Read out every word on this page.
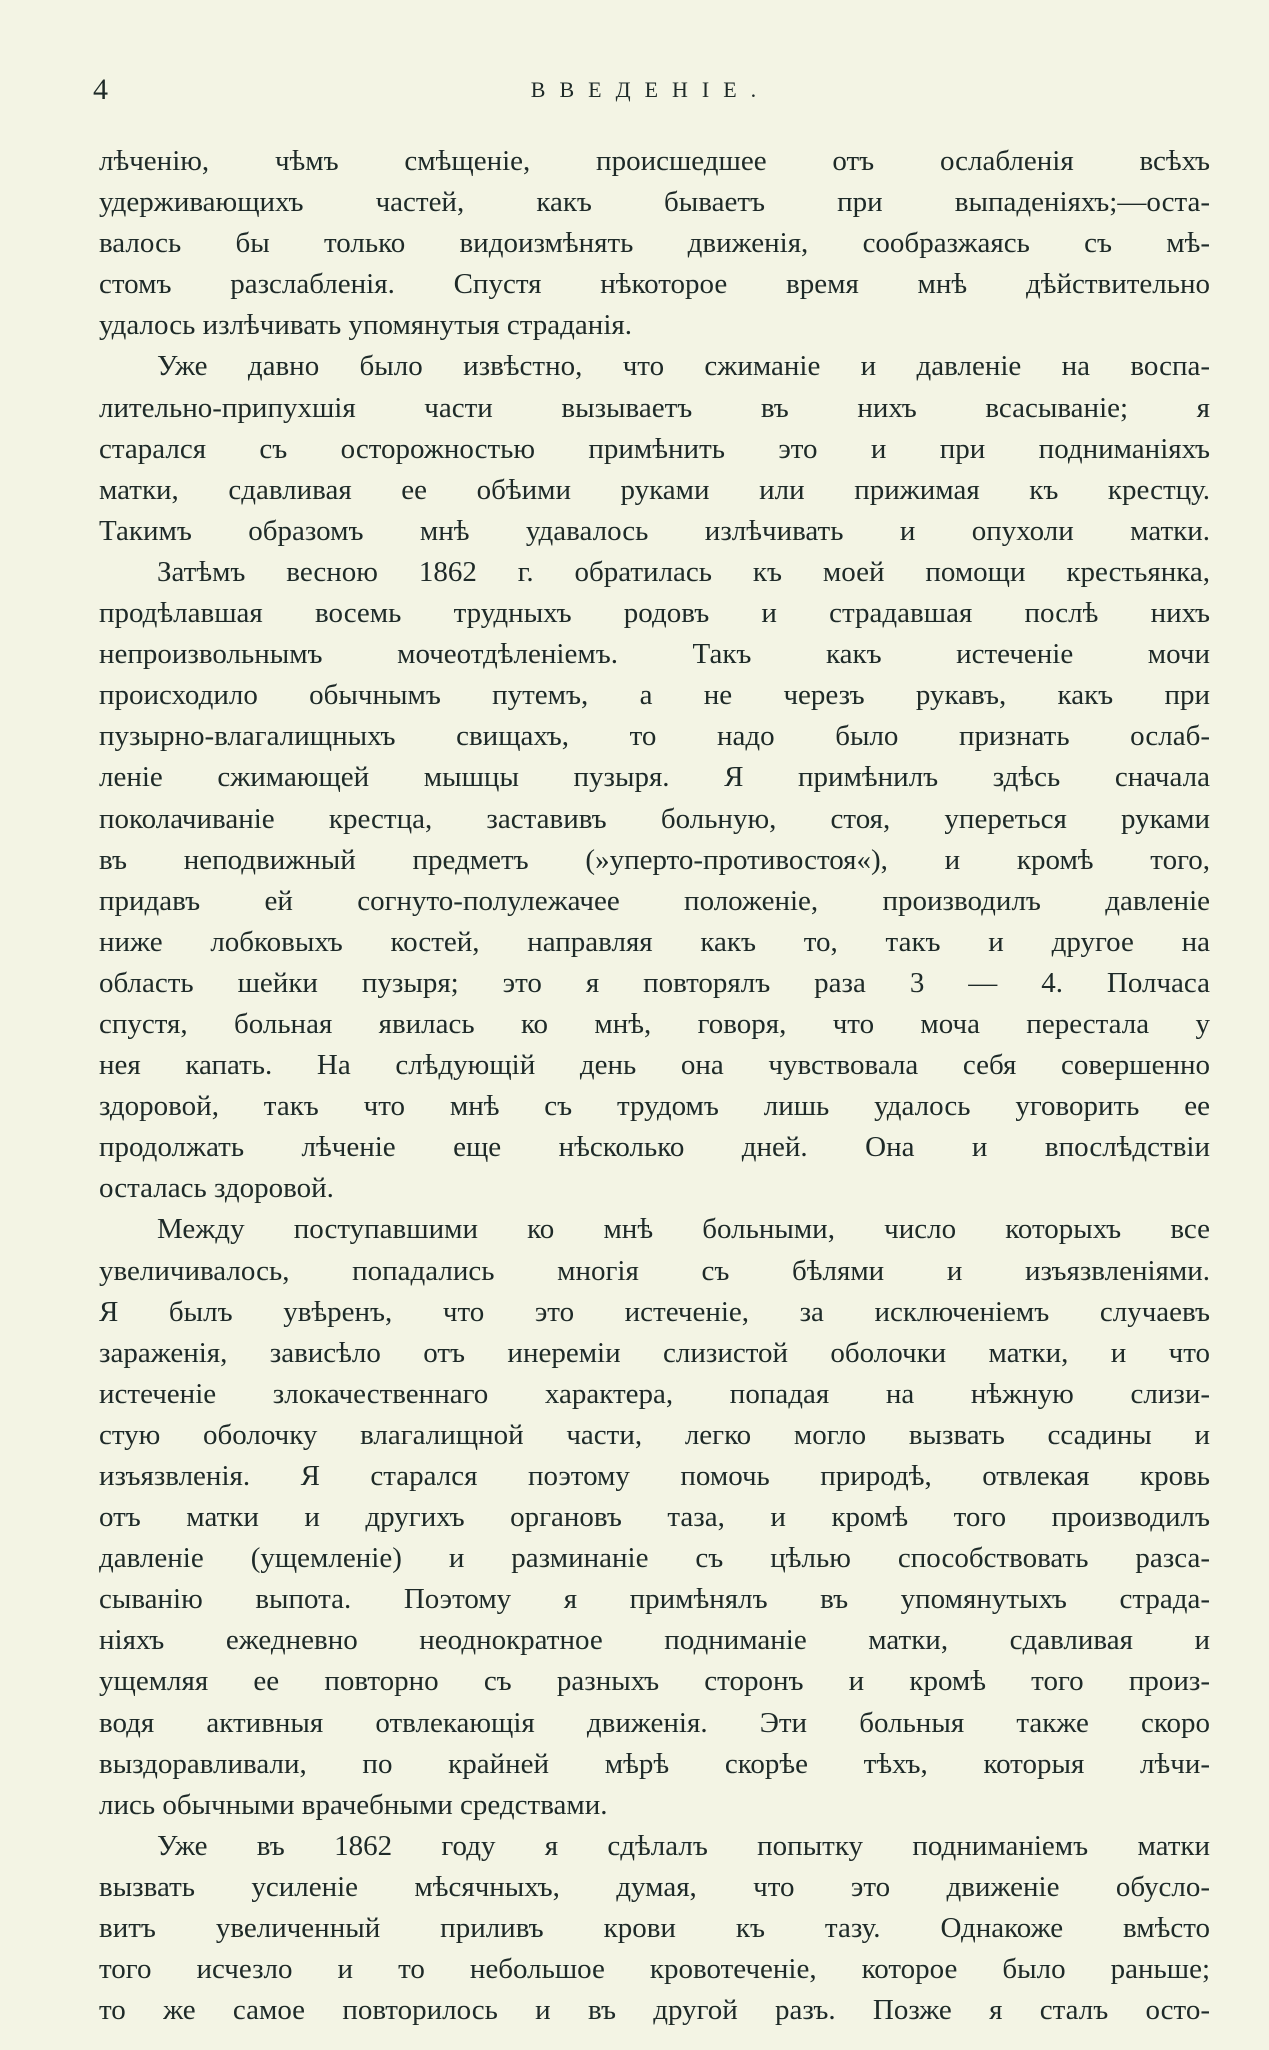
4	ВВЕДЕНІЕ.
лѣченію, чѣмъ смѣщеніе, происшедшее отъ ослабленія всѣхъ
удерживающихъ частей, какъ бываетъ при выпаденіяхъ;—оста-
валось бы только видоизмѣнять движенія, сообразжаясь съ мѣ-
стомъ разслабленія. Спустя нѣкоторое время мнѣ дѣйствительно
удалось излѣчивать упомянутыя страданія.
Уже давно было извѣстно, что сжиманіе и давленіе на воспа-
лительно-припухшія части вызываетъ въ нихъ всасываніе; я
старался съ осторожностью примѣнить это и при подниманіяхъ
матки, сдавливая ее обѣими руками или прижимая къ крестцу.
Такимъ образомъ мнѣ удавалось излѣчивать и опухоли матки.
Затѣмъ весною 1862 г. обратилась къ моей помощи крестьянка,
продѣлавшая восемь трудныхъ родовъ и страдавшая послѣ нихъ
непроизвольнымъ мочеотдѣленіемъ. Такъ какъ истеченіе мочи
происходило обычнымъ путемъ, а не черезъ рукавъ, какъ при
пузырно-влагалищныхъ свищахъ, то надо было признать ослаб-
леніе сжимающей мышцы пузыря. Я примѣнилъ здѣсь сначала
поколачиваніе крестца, заставивъ больную, стоя, упереться руками
въ неподвижный предметъ (»уперто-противостоя«), и кромѣ того,
придавъ ей согнуто-полулежачее положеніе, производилъ давленіе
ниже лобковыхъ костей, направляя какъ то, такъ и другое на
область шейки пузыря; это я повторялъ раза 3 — 4. Полчаса
спустя, больная явилась ко мнѣ, говоря, что моча перестала у
нея капать. На слѣдующій день она чувствовала себя совершенно
здоровой, такъ что мнѣ съ трудомъ лишь удалось уговорить ее
продолжать лѣченіе еще нѣсколько дней. Она и впослѣдствіи
осталась здоровой.
Между поступавшими ко мнѣ больными, число которыхъ все
увеличивалось, попадались многія съ бѣлями и изъязвленіями.
Я былъ увѣренъ, что это истеченіе, за исключеніемъ случаевъ
зараженія, зависѣло отъ инереміи слизистой оболочки матки, и что
истеченіе злокачественнаго характера, попадая на нѣжную слизи-
стую оболочку влагалищной части, легко могло вызвать ссадины и
изъязвленія. Я старался поэтому помочь природѣ, отвлекая кровь
отъ матки и другихъ органовъ таза, и кромѣ того производилъ
давленіе (ущемленіе) и разминаніе съ цѣлью способствовать разса-
сыванію выпота. Поэтому я примѣнялъ въ упомянутыхъ страда-
ніяхъ ежедневно неоднократное подниманіе матки, сдавливая и
ущемляя ее повторно съ разныхъ сторонъ и кромѣ того произ-
водя активныя отвлекающія движенія. Эти больныя также скоро
выздоравливали, по крайней мѣрѣ скорѣе тѣхъ, которыя лѣчи-
лись обычными врачебными средствами.
Уже въ 1862 году я сдѣлалъ попытку подниманіемъ матки
вызвать усиленіе мѣсячныхъ, думая, что это движеніе обусло-
витъ увеличенный приливъ крови къ тазу. Однакоже вмѣсто
того исчезло и то небольшое кровотеченіе, которое было раньше;
то же самое повторилось и въ другой разъ. Позже я сталъ осто-
